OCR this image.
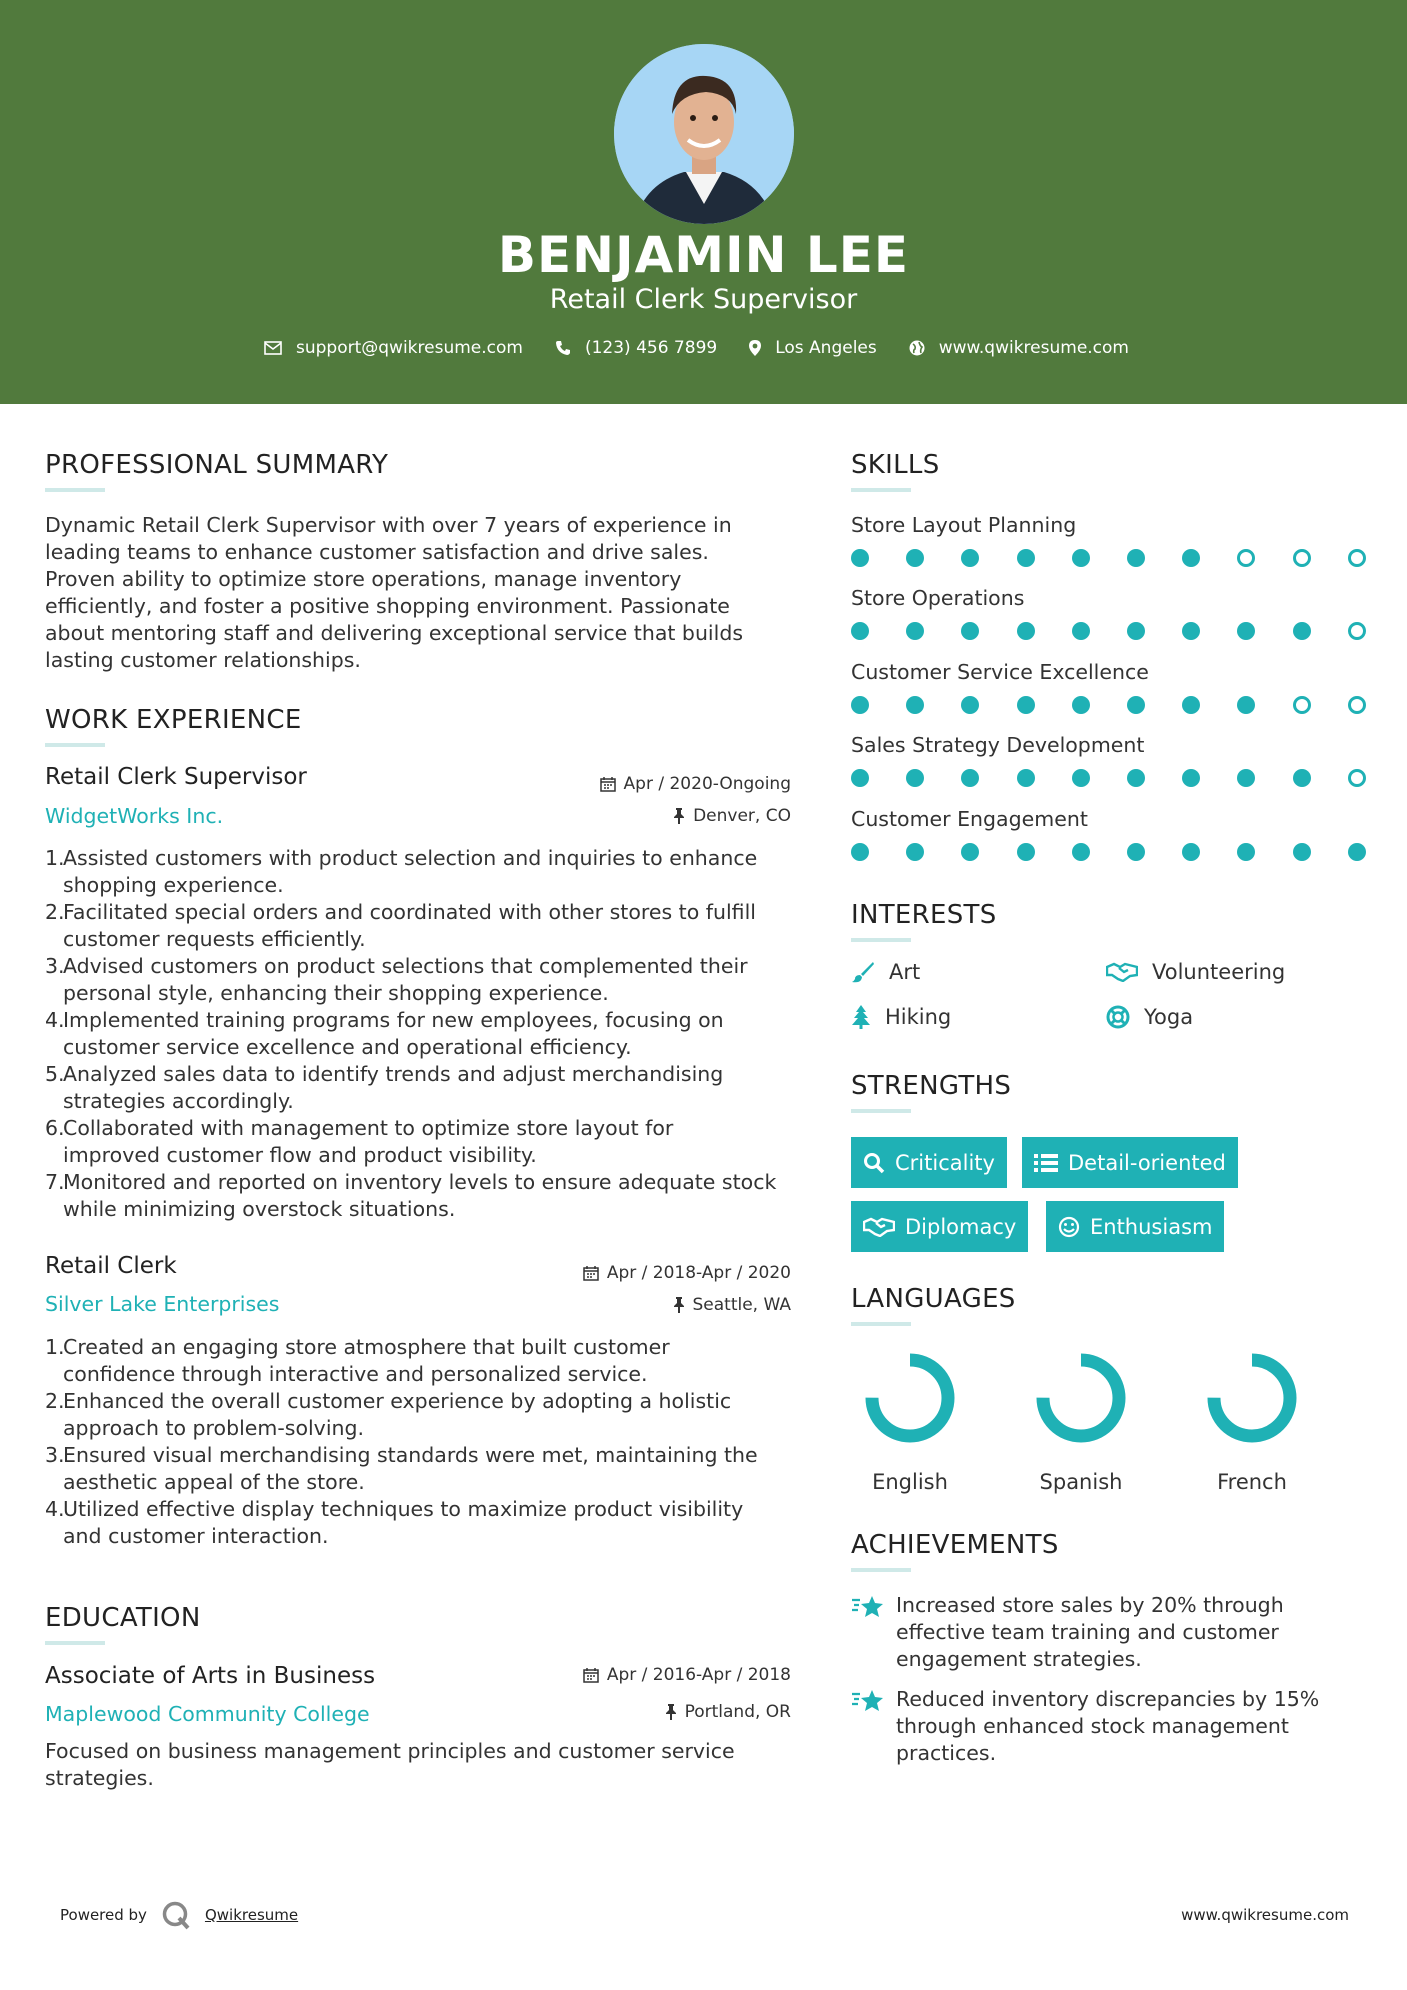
BENJAMIN LEE
Retail Clerk Supervisor
support@qwikresume.com	(123) 456 7899	Los Angeles	www.qwikresume.com
PROFESSIONAL SUMMARY
Dynamic Retail Clerk Supervisor with over 7 years of experience in
leading teams to enhance customer satisfaction and drive sales.
Proven ability to optimize store operations, manage inventory
efficiently, and foster a positive shopping environment. Passionate
about mentoring staff and delivering exceptional service that builds
lasting customer relationships.
WORK EXPERIENCE
Retail Clerk Supervisor
WidgetWorks Inc.
Apr / 2020-Ongoing
Denver, CO
1.
Assisted customers with product selection and inquiries to enhance
shopping experience.
2.
Facilitated special orders and coordinated with other stores to fulfill
customer requests efficiently.
3.
Advised customers on product selections that complemented their
personal style, enhancing their shopping experience.
4.
Implemented training programs for new employees, focusing on
customer service excellence and operational efficiency.
5.
Analyzed sales data to identify trends and adjust merchandising
strategies accordingly.
6.
Collaborated with management to optimize store layout for
improved customer flow and product visibility.
7.
Monitored and reported on inventory levels to ensure adequate stock
while minimizing overstock situations.
Retail Clerk
Silver Lake Enterprises
Apr / 2018-Apr / 2020
Seattle, WA
1.
Created an engaging store atmosphere that built customer
confidence through interactive and personalized service.
2.
Enhanced the overall customer experience by adopting a holistic
approach to problem-solving.
3.
Ensured visual merchandising standards were met, maintaining the
aesthetic appeal of the store.
4.
Utilized effective display techniques to maximize product visibility
and customer interaction.
EDUCATION
Associate of Arts in Business
Maplewood Community College
Apr / 2016-Apr / 2018
Portland, OR
Focused on business management principles and customer service
strategies.
SKILLS
Store Layout Planning
Store Operations
Customer Service Excellence
Sales Strategy Development
Customer Engagement
INTERESTS
Art	Volunteering
Hiking	Yoga
STRENGTHS
Criticality	Detail-oriented
Diplomacy	Enthusiasm
LANGUAGES
English	Spanish	French
ACHIEVEMENTS
Increased store sales by 20% through
effective team training and customer
engagement strategies.
Reduced inventory discrepancies by 15%
through enhanced stock management
practices.
Powered by	Qwikresume	www.qwikresume.com
